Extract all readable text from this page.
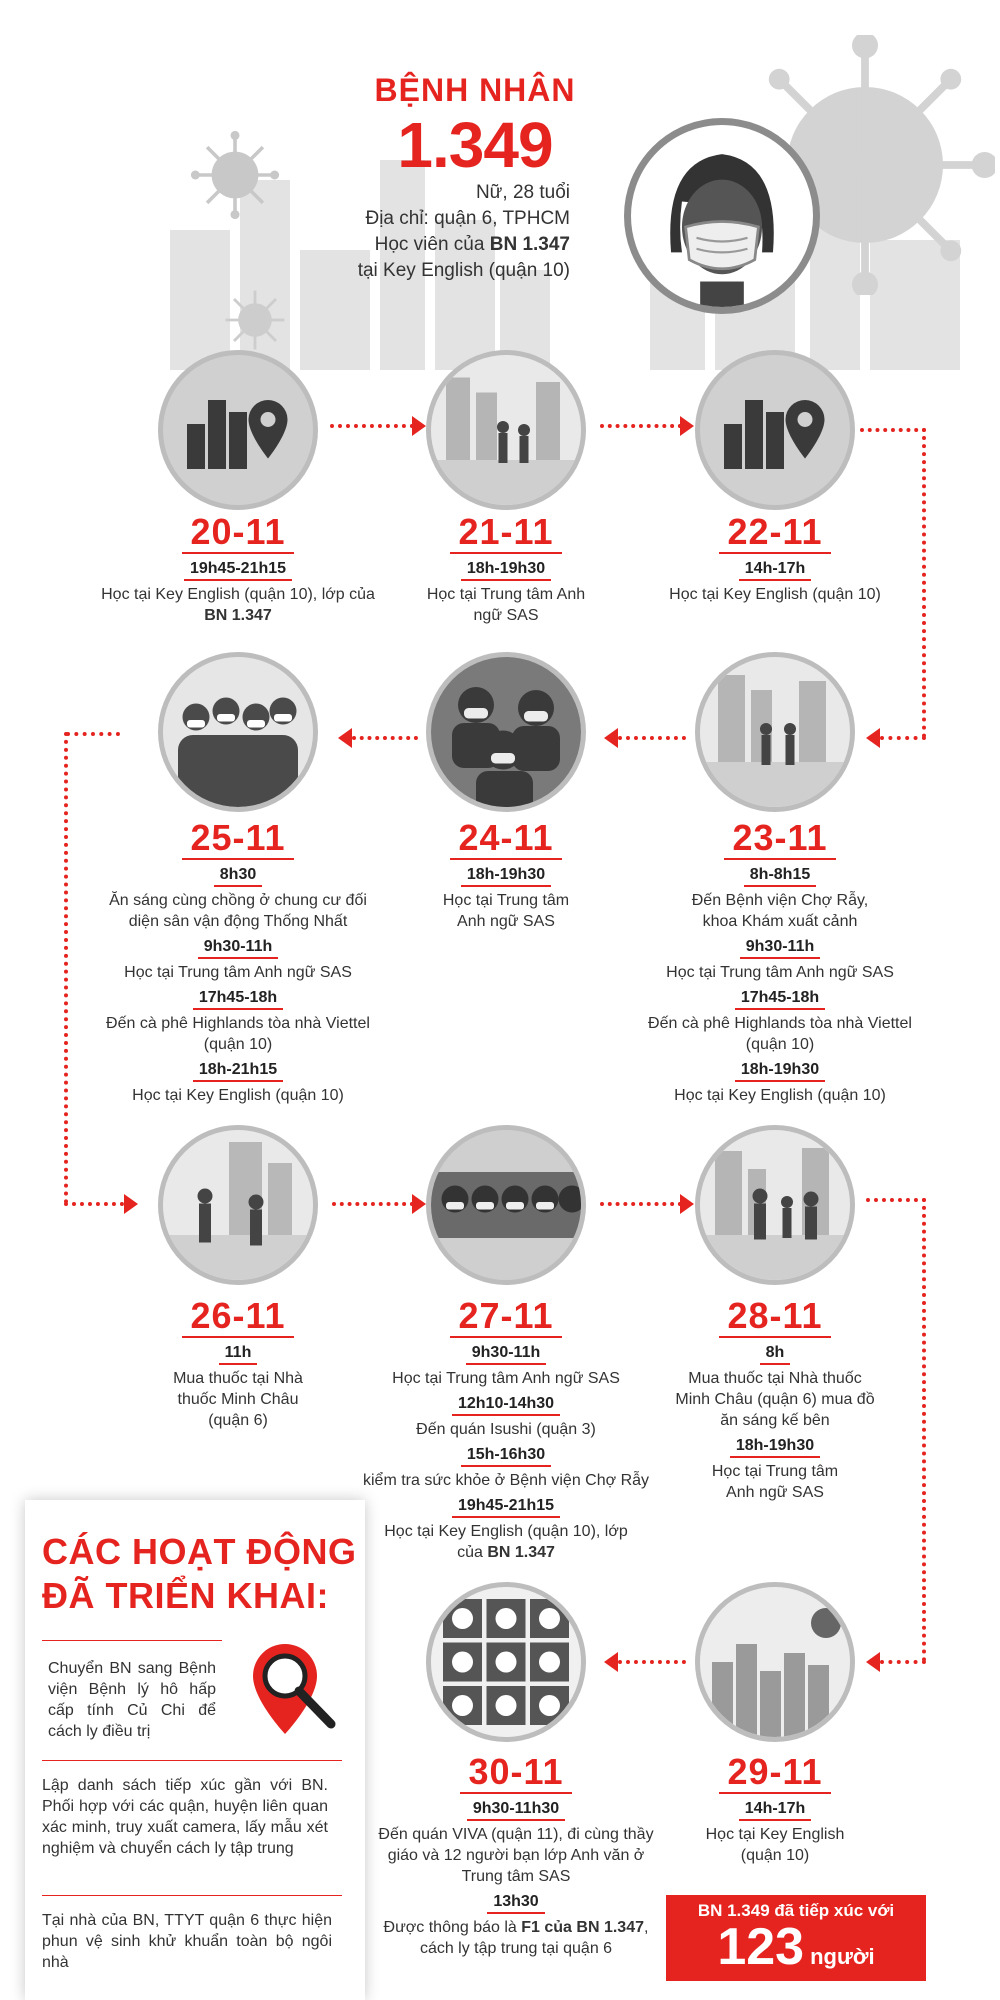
BỆNH NHÂN
1.349
Nữ, 28 tuổi
Địa chỉ: quận 6, TPHCM
Học viên của BN 1.347
tại Key English (quận 10)
20-11
19h45-21h15
Học tại Key English (quận 10), lớp của BN 1.347
21-11
18h-19h30
Học tại Trung tâm Anh ngữ SAS
22-11
14h-17h
Học tại Key English (quận 10)
25-11
8h30
Ăn sáng cùng chồng ở chung cư đối diện sân vận động Thống Nhất
9h30-11h
Học tại Trung tâm Anh ngữ SAS
17h45-18h
Đến cà phê Highlands tòa nhà Viettel (quận 10)
18h-21h15
Học tại Key English (quận 10)
24-11
18h-19h30
Học tại Trung tâm Anh ngữ SAS
23-11
8h-8h15
Đến Bệnh viện Chợ Rẫy, khoa Khám xuất cảnh
9h30-11h
Học tại Trung tâm Anh ngữ SAS
17h45-18h
Đến cà phê Highlands tòa nhà Viettel (quận 10)
18h-19h30
Học tại Key English (quận 10)
26-11
11h
Mua thuốc tại Nhà thuốc Minh Châu (quận 6)
27-11
9h30-11h
Học tại Trung tâm Anh ngữ SAS
12h10-14h30
Đến quán Isushi (quận 3)
15h-16h30
kiểm tra sức khỏe ở Bệnh viện Chợ Rẫy
19h45-21h15
Học tại Key English (quận 10), lớp của BN 1.347
28-11
8h
Mua thuốc tại Nhà thuốc Minh Châu (quận 6) mua đồ ăn sáng kế bên
18h-19h30
Học tại Trung tâm Anh ngữ SAS
30-11
9h30-11h30
Đến quán VIVA (quận 11), đi cùng thầy giáo và 12 người bạn lớp Anh văn ở Trung tâm SAS
13h30
Được thông báo là F1 của BN 1.347, cách ly tập trung tại quận 6
29-11
14h-17h
Học tại Key English (quận 10)
CÁC HOẠT ĐỘNG
ĐÃ TRIỂN KHAI:
Chuyển BN sang Bệnh viện Bệnh lý hô hấp cấp tính Củ Chi để cách ly điều trị
Lập danh sách tiếp xúc gần với BN. Phối hợp với các quận, huyện liên quan xác minh, truy xuất camera, lấy mẫu xét nghiệm và chuyển cách ly tập trung
Tại nhà của BN, TTYT quận 6 thực hiện phun vệ sinh khử khuẩn toàn bộ ngôi nhà
BN 1.349 đã tiếp xúc với
123 người
